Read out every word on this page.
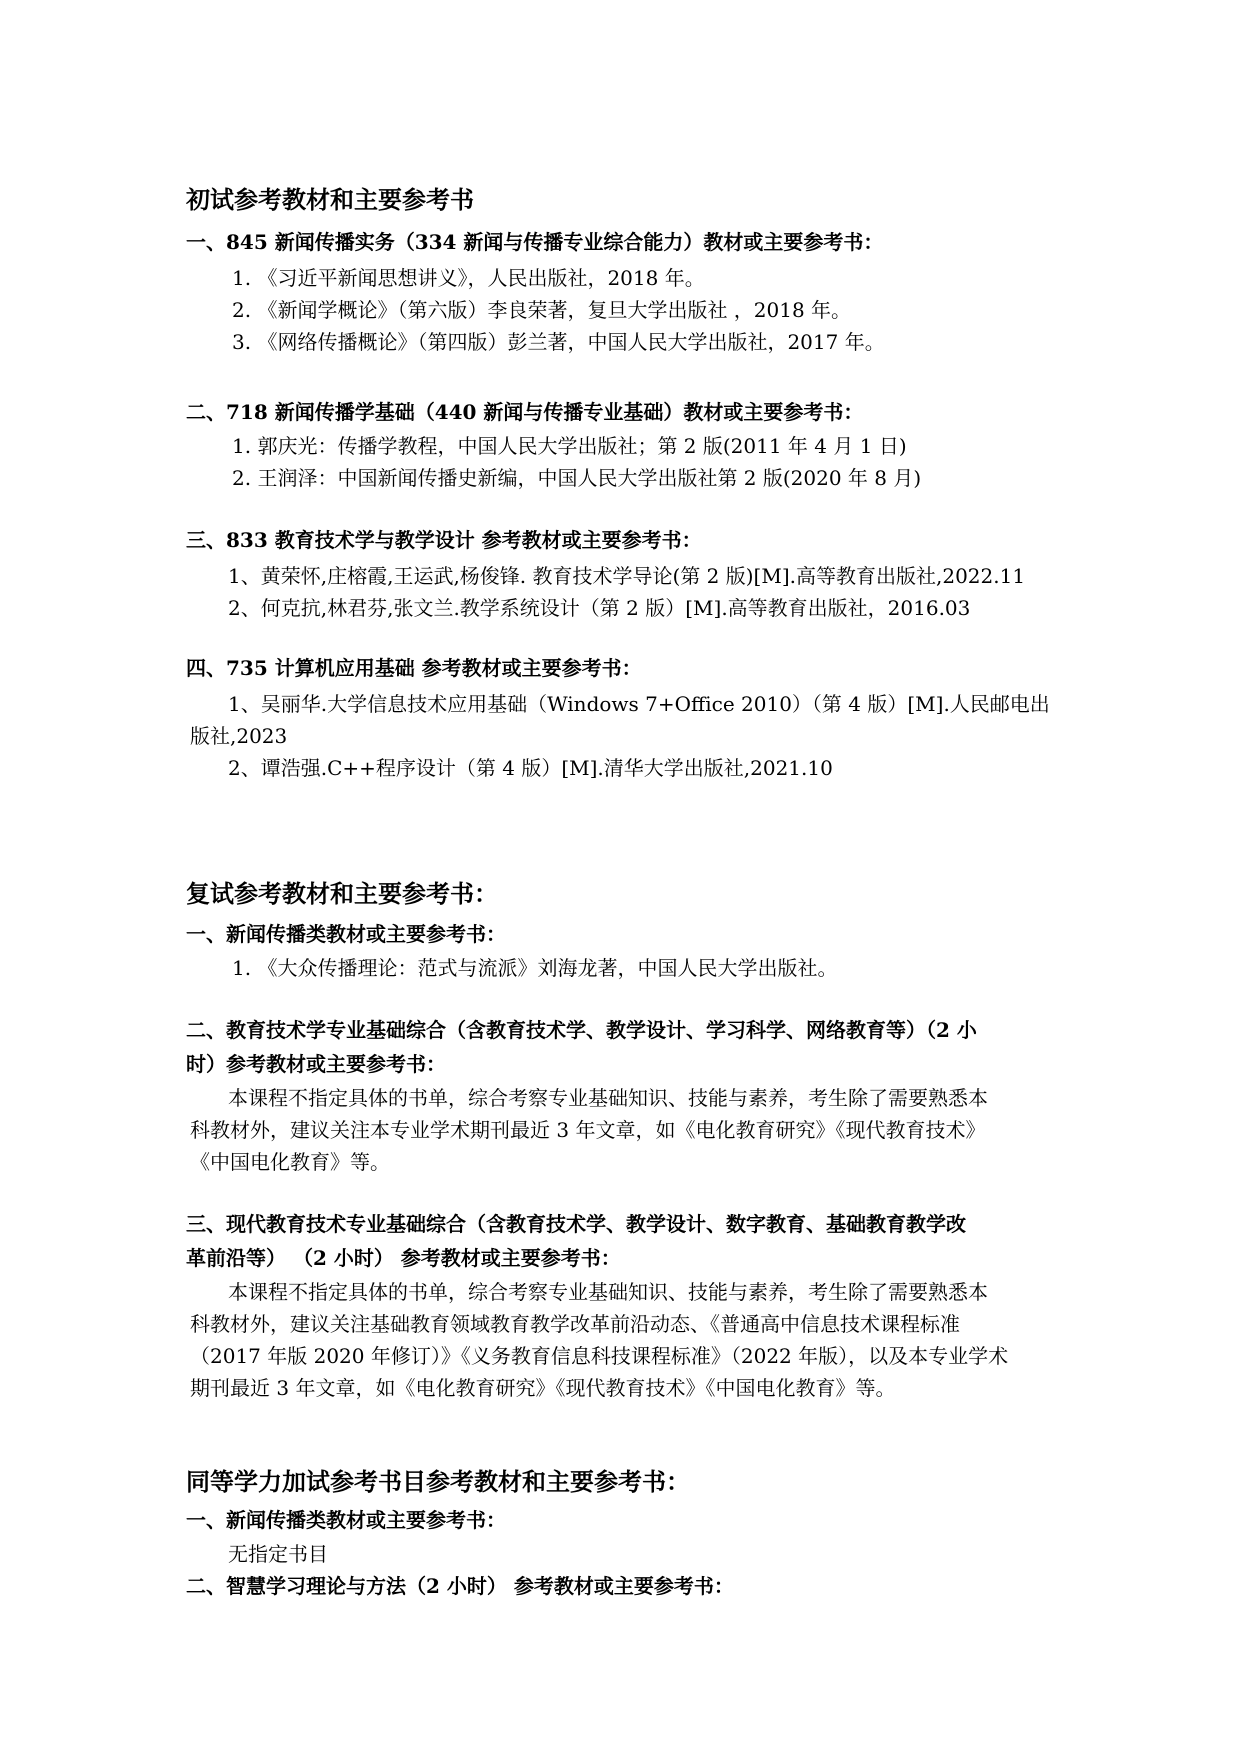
初试参考教材和主要参考书
一、845 新闻传播实务（334 新闻与传播专业综合能力）教材或主要参考书：
1. 《习近平新闻思想讲义》，人民出版社，2018 年。
2. 《新闻学概论》（第六版）李良荣著，复旦大学出版社 ，2018 年。
3. 《网络传播概论》（第四版）彭兰著，中国人民大学出版社，2017 年。
二、718 新闻传播学基础（440 新闻与传播专业基础）教材或主要参考书：
1. 郭庆光：传播学教程，中国人民大学出版社；第 2 版(2011 年 4 月 1 日)
2. 王润泽：中国新闻传播史新编，中国人民大学出版社第 2 版(2020 年 8 月)
三、833 教育技术学与教学设计 参考教材或主要参考书：
1、黄荣怀,庄榕霞,王运武,杨俊锋. 教育技术学导论(第 2 版)[M].高等教育出版社,2022.11
2、何克抗,林君芬,张文兰.教学系统设计（第 2 版）[M].高等教育出版社，2016.03
四、735 计算机应用基础 参考教材或主要参考书：
1、吴丽华.大学信息技术应用基础（Windows 7+Office 2010）（第 4 版）[M].人民邮电出
版社,2023
2、谭浩强.C++程序设计（第 4 版）[M].清华大学出版社,2021.10
复试参考教材和主要参考书：
一、新闻传播类教材或主要参考书：
1. 《大众传播理论：范式与流派》刘海龙著，中国人民大学出版社。
二、教育技术学专业基础综合（含教育技术学、教学设计、学习科学、网络教育等）（2 小
时）参考教材或主要参考书：
本课程不指定具体的书单，综合考察专业基础知识、技能与素养，考生除了需要熟悉本
科教材外，建议关注本专业学术期刊最近 3 年文章，如《电化教育研究》《现代教育技术》
《中国电化教育》等。
三、现代教育技术专业基础综合（含教育技术学、教学设计、数字教育、基础教育教学改
革前沿等） （2 小时） 参考教材或主要参考书：
本课程不指定具体的书单，综合考察专业基础知识、技能与素养，考生除了需要熟悉本
科教材外，建议关注基础教育领域教育教学改革前沿动态、《普通高中信息技术课程标准
（2017 年版 2020 年修订）》《义务教育信息科技课程标准》（2022 年版），以及本专业学术
期刊最近 3 年文章，如《电化教育研究》《现代教育技术》《中国电化教育》等。
同等学力加试参考书目参考教材和主要参考书：
一、新闻传播类教材或主要参考书：
无指定书目
二、智慧学习理论与方法（2 小时） 参考教材或主要参考书：
